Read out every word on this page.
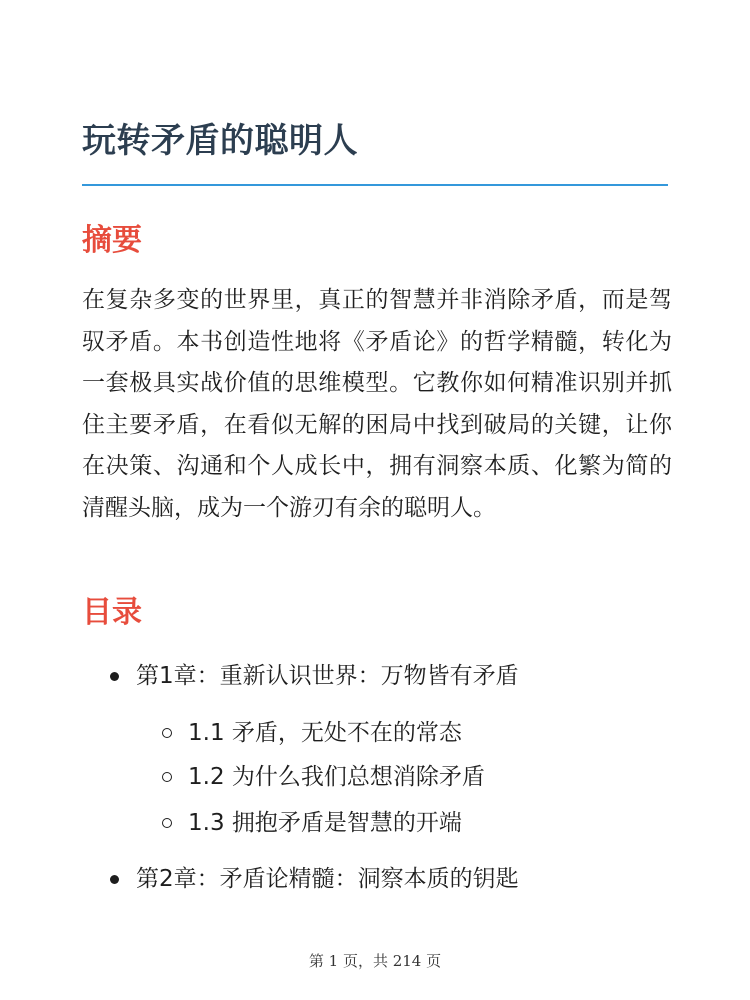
玩转矛盾的聪明人
摘要

在复杂多变的世界里，真正的智慧并非消除矛盾，而是驾驭矛盾。本书创造性地将《矛盾论》的哲学精髓，转化为一套极具实战价值的思维模型。它教你如何精准识别并抓住主要矛盾，在看似无解的困局中找到破局的关键，让你在决策、沟通和个人成长中，拥有洞察本质、化繁为简的清醒头脑，成为一个游刃有余的聪明人。

目录
第1章：重新认识世界：万物皆有矛盾
1.1 矛盾，无处不在的常态
1.2 为什么我们总想消除矛盾
1.3 拥抱矛盾是智慧的开端
第2章：矛盾论精髓：洞察本质的钥匙
第 1 页，共 214 页
